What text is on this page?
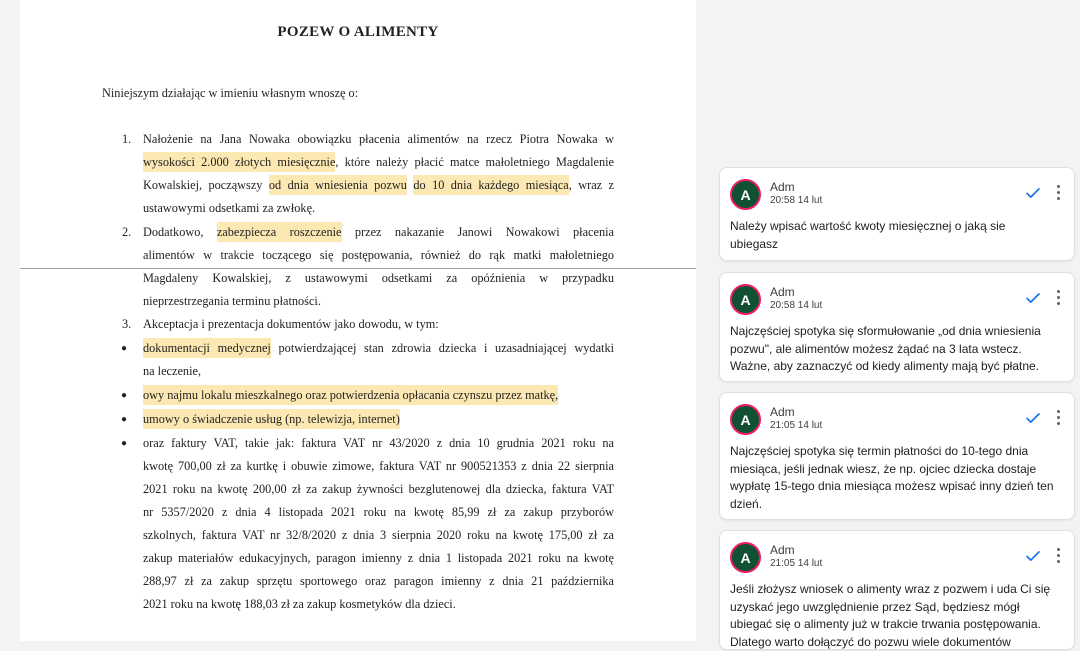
POZEW O ALIMENTY
Niniejszym działając w imieniu własnym wnoszę o:
1. Nałożenie na Jana Nowaka obowiązku płacenia alimentów na rzecz Piotra Nowaka w
wysokości 2.000 złotych miesięcznie, które należy płacić matce małoletniego Magdalenie
Kowalskiej, począwszy od dnia wniesienia pozwu do 10 dnia każdego miesiąca, wraz z
ustawowymi odsetkami za zwłokę.
2. Dodatkowo, zabezpiecza roszczenie przez nakazanie Janowi Nowakowi płacenia
alimentów w trakcie toczącego się postępowania, również do rąk matki małoletniego
Magdaleny Kowalskiej, z ustawowymi odsetkami za opóźnienia w przypadku
nieprzestrzegania terminu płatności.
3. Akceptacja i prezentacja dokumentów jako dowodu, w tym:
● dokumentacji medycznej potwierdzającej stan zdrowia dziecka i uzasadniającej wydatki
na leczenie,
● owy najmu lokalu mieszkalnego oraz potwierdzenia opłacania czynszu przez matkę,
● umowy o świadczenie usług (np. telewizja, internet)
● oraz faktury VAT, takie jak: faktura VAT nr 43/2020 z dnia 10 grudnia 2021 roku na
kwotę 700,00 zł za kurtkę i obuwie zimowe, faktura VAT nr 900521353 z dnia 22 sierpnia
2021 roku na kwotę 200,00 zł za zakup żywności bezglutenowej dla dziecka, faktura VAT
nr 5357/2020 z dnia 4 listopada 2021 roku na kwotę 85,99 zł za zakup przyborów
szkolnych, faktura VAT nr 32/8/2020 z dnia 3 sierpnia 2020 roku na kwotę 175,00 zł za
zakup materiałów edukacyjnych, paragon imienny z dnia 1 listopada 2021 roku na kwotę
288,97 zł za zakup sprzętu sportowego oraz paragon imienny z dnia 21 października
2021 roku na kwotę 188,03 zł za zakup kosmetyków dla dzieci.
A	Adm
20:58 14 lut
Należy wpisać wartość kwoty miesięcznej o jaką sie
ubiegasz
A	Adm
20:58 14 lut
Najczęściej spotyka się sformułowanie „od dnia wniesienia
pozwu", ale alimentów możesz żądać na 3 lata wstecz.
Ważne, aby zaznaczyć od kiedy alimenty mają być płatne.
A	Adm
21:05 14 lut
Najczęściej spotyka się termin płatności do 10-tego dnia
miesiąca, jeśli jednak wiesz, że np. ojciec dziecka dostaje
wypłatę 15-tego dnia miesiąca możesz wpisać inny dzień ten
dzień.
A	Adm
21:05 14 lut
Jeśli złożysz wniosek o alimenty wraz z pozwem i uda Ci się
uzyskać jego uwzględnienie przez Sąd, będziesz mógł
ubiegać się o alimenty już w trakcie trwania postępowania.
Dlatego warto dołączyć do pozwu wiele dokumentów
